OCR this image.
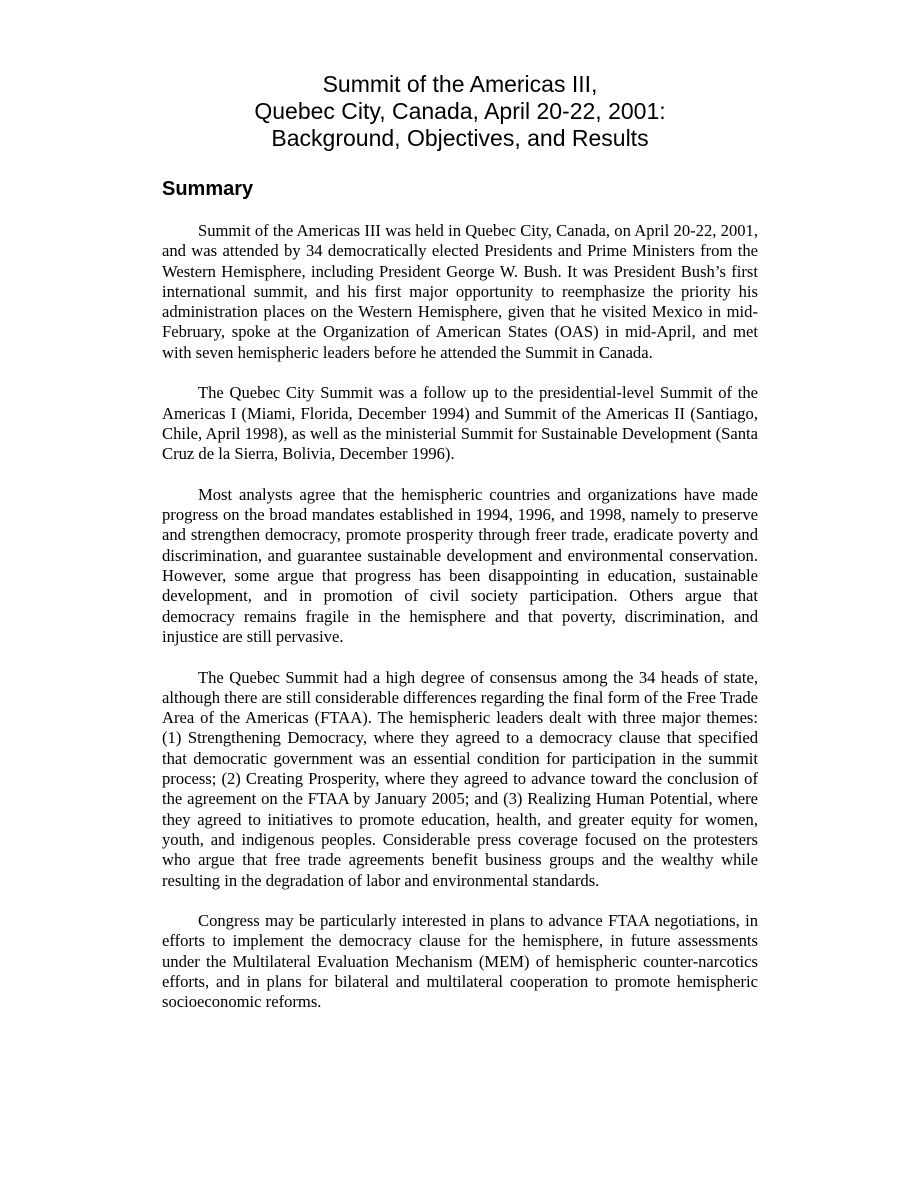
Summit of the Americas III,
Quebec City, Canada, April 20-22, 2001:
Background, Objectives, and Results
Summary

Summit of the Americas III was held in Quebec City, Canada, on April 20-22, 2001, and was attended by 34 democratically elected Presidents and Prime Ministers from the Western Hemisphere, including President George W. Bush. It was President Bush’s first international summit, and his first major opportunity to reemphasize the priority his administration places on the Western Hemisphere, given that he visited Mexico in mid-February, spoke at the Organization of American States (OAS) in mid-April, and met with seven hemispheric leaders before he attended the Summit in Canada.

The Quebec City Summit was a follow up to the presidential-level Summit of the Americas I (Miami, Florida, December 1994) and Summit of the Americas II (Santiago, Chile, April 1998), as well as the ministerial Summit for Sustainable Development (Santa Cruz de la Sierra, Bolivia, December 1996).

Most analysts agree that the hemispheric countries and organizations have made progress on the broad mandates established in 1994, 1996, and 1998, namely to preserve and strengthen democracy, promote prosperity through freer trade, eradicate poverty and discrimination, and guarantee sustainable development and environmental conservation. However, some argue that progress has been disappointing in education, sustainable development, and in promotion of civil society participation. Others argue that democracy remains fragile in the hemisphere and that poverty, discrimination, and injustice are still pervasive.

The Quebec Summit had a high degree of consensus among the 34 heads of state, although there are still considerable differences regarding the final form of the Free Trade Area of the Americas (FTAA). The hemispheric leaders dealt with three major themes: (1) Strengthening Democracy, where they agreed to a democracy clause that specified that democratic government was an essential condition for participation in the summit process; (2) Creating Prosperity, where they agreed to advance toward the conclusion of the agreement on the FTAA by January 2005; and (3) Realizing Human Potential, where they agreed to initiatives to promote education, health, and greater equity for women, youth, and indigenous peoples. Considerable press coverage focused on the protesters who argue that free trade agreements benefit business groups and the wealthy while resulting in the degradation of labor and environmental standards.

Congress may be particularly interested in plans to advance FTAA negotiations, in efforts to implement the democracy clause for the hemisphere, in future assessments under the Multilateral Evaluation Mechanism (MEM) of hemispheric counter-narcotics efforts, and in plans for bilateral and multilateral cooperation to promote hemispheric socioeconomic reforms.
